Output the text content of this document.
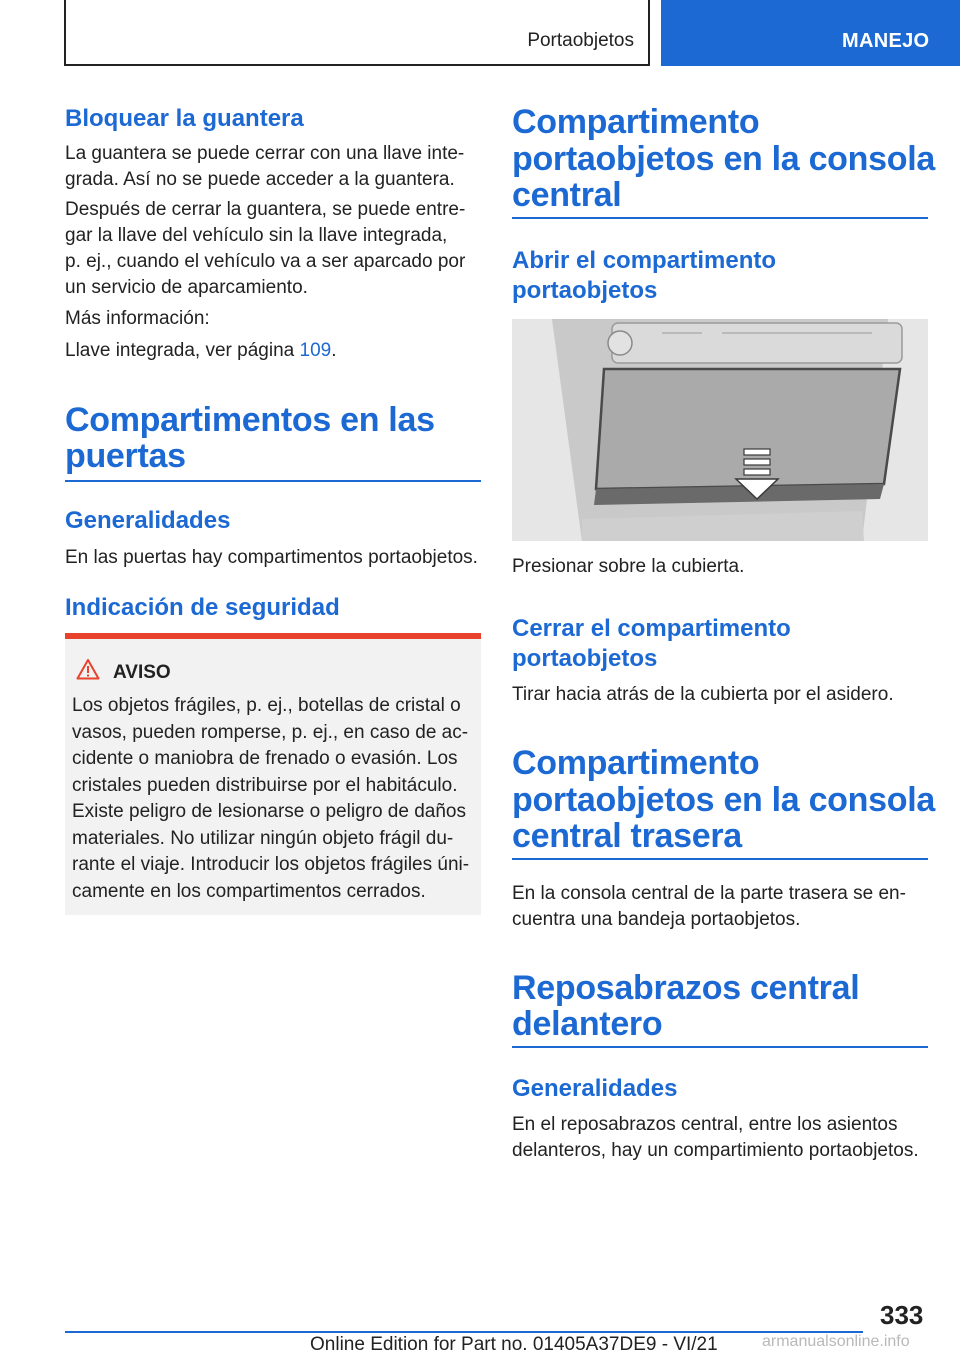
Portaobjetos	MANEJO
Bloquear la guantera
La guantera se puede cerrar con una llave inte-
grada. Así no se puede acceder a la guantera.
Después de cerrar la guantera, se puede entre-
gar la llave del vehículo sin la llave integrada,
p. ej., cuando el vehículo va a ser aparcado por
un servicio de aparcamiento.
Más información:
Llave integrada, ver página 109.
Compartimentos en las
puertas
Generalidades
En las puertas hay compartimentos portaobjetos.
Indicación de seguridad
AVISO
Los objetos frágiles, p. ej., botellas de cristal o
vasos, pueden romperse, p. ej., en caso de ac-
cidente o maniobra de frenado o evasión. Los
cristales pueden distribuirse por el habitáculo.
Existe peligro de lesionarse o peligro de daños
materiales. No utilizar ningún objeto frágil du-
rante el viaje. Introducir los objetos frágiles úni-
camente en los compartimentos cerrados.
Compartimento
portaobjetos en la consola
central
Abrir el compartimento
portaobjetos
Presionar sobre la cubierta.
Cerrar el compartimento
portaobjetos
Tirar hacia atrás de la cubierta por el asidero.
Compartimento
portaobjetos en la consola
central trasera
En la consola central de la parte trasera se en-
cuentra una bandeja portaobjetos.
Reposabrazos central
delantero
Generalidades
En el reposabrazos central, entre los asientos
delanteros, hay un compartimiento portaobjetos.
333
Online Edition for Part no. 01405A37DE9 - VI/21	armanualsonline.info
